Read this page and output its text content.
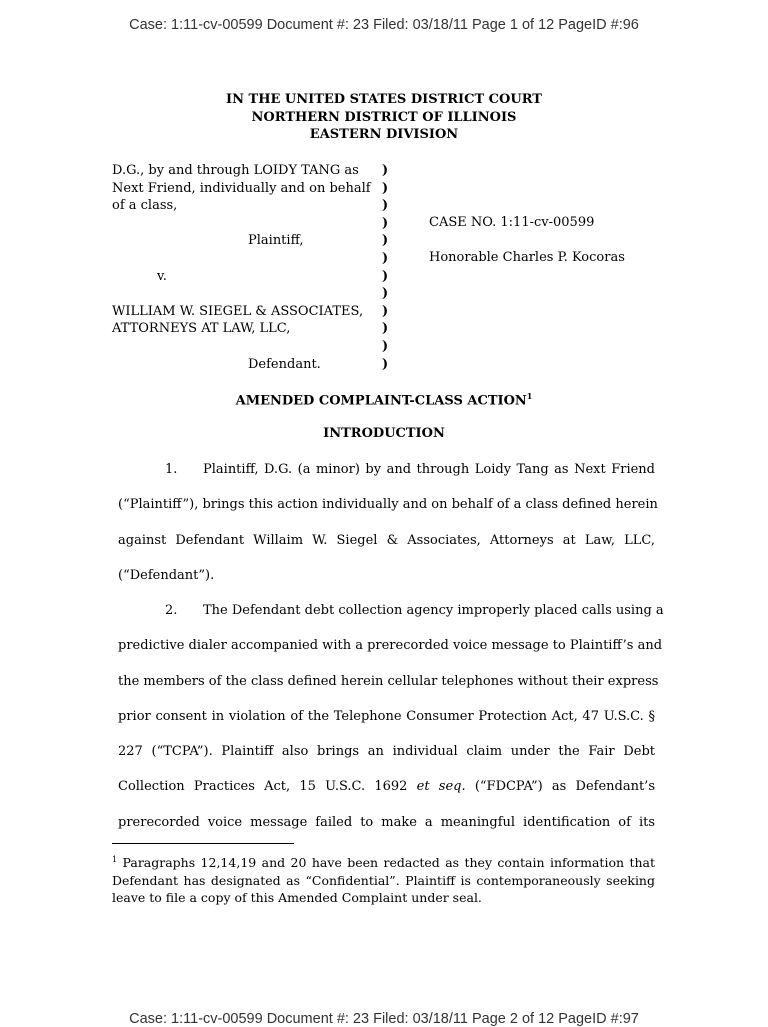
Case: 1:11-cv-00599 Document #: 23 Filed: 03/18/11 Page 1 of 12 PageID #:96
IN THE UNITED STATES DISTRICT COURT
NORTHERN DISTRICT OF ILLINOIS
EASTERN DIVISION
D.G., by and through LOIDY TANG as
Next Friend, individually and on behalf
of a class,
Plaintiff,
v.
WILLIAM W. SIEGEL & ASSOCIATES,
ATTORNEYS AT LAW, LLC,
Defendant.
)
)
)
)
)
)
)
)
)
)
)
)
CASE NO. 1:11-cv-00599
Honorable Charles P. Kocoras
AMENDED COMPLAINT-CLASS ACTION$^1$
INTRODUCTION
1. Plaintiff, D.G. (a minor) by and through Loidy Tang as Next Friend
(“Plaintiff”), brings this action individually and on behalf of a class defined herein
against Defendant Willaim W. Siegel & Associates, Attorneys at Law, LLC,
(“Defendant”).
2. The Defendant debt collection agency improperly placed calls using a
predictive dialer accompanied with a prerecorded voice message to Plaintiff’s and
the members of the class defined herein cellular telephones without their express
prior consent in violation of the Telephone Consumer Protection Act, 47 U.S.C. §
227 (“TCPA”). Plaintiff also brings an individual claim under the Fair Debt
Collection Practices Act, 15 U.S.C. 1692 et seq. (“FDCPA”) as Defendant’s
prerecorded voice message failed to make a meaningful identification of its
$^1$ Paragraphs 12,14,19 and 20 have been redacted as they contain information that
Defendant has designated as “Confidential”. Plaintiff is contemporaneously seeking
leave to file a copy of this Amended Complaint under seal.
Case: 1:11-cv-00599 Document #: 23 Filed: 03/18/11 Page 2 of 12 PageID #:97
